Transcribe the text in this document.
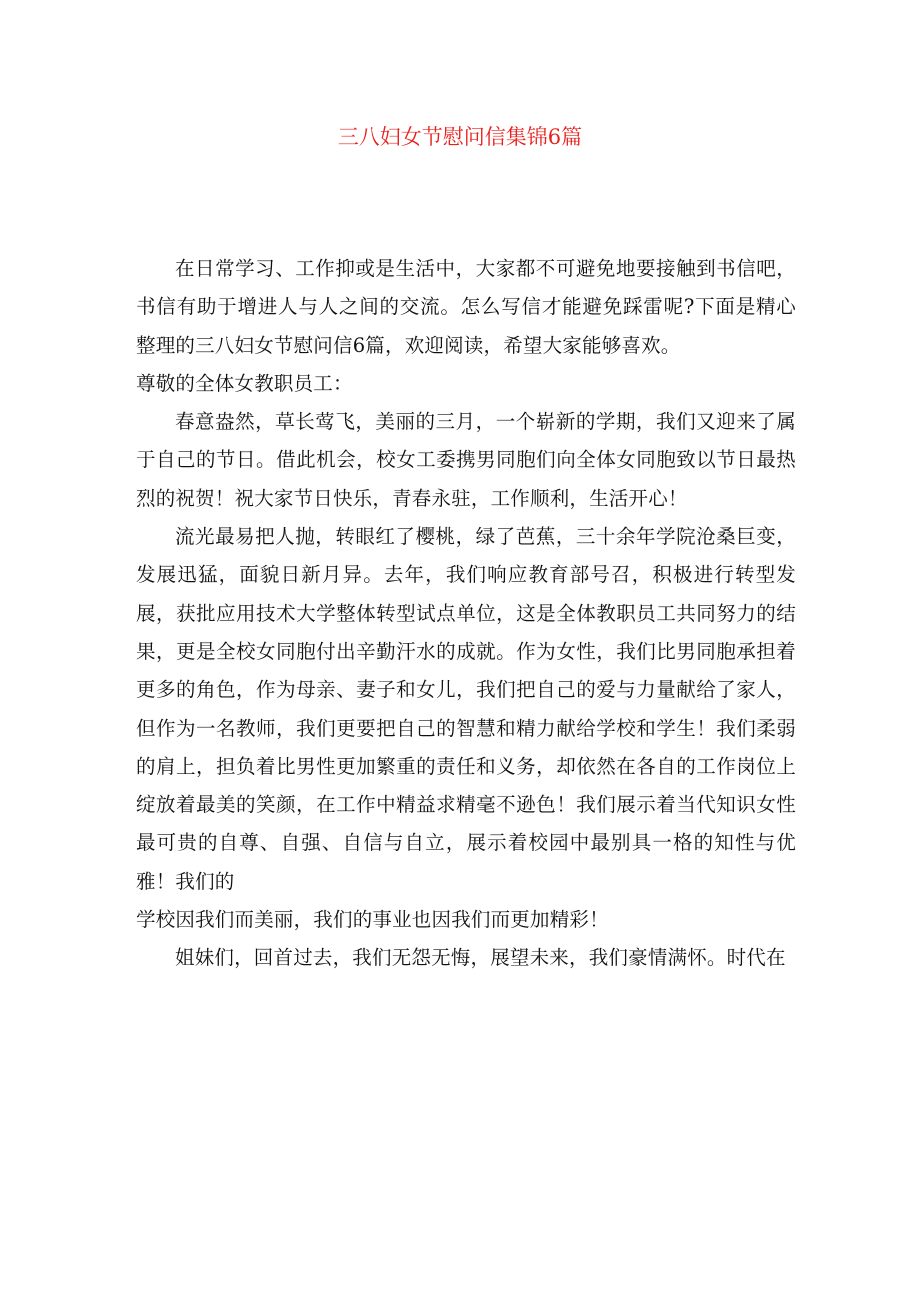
三八妇女节慰问信集锦6篇

在日常学习、工作抑或是生活中，大家都不可避免地要接触到书信吧，书信有助于增进人与人之间的交流。怎么写信才能避免踩雷呢?下面是精心整理的三八妇女节慰问信6篇，欢迎阅读，希望大家能够喜欢。

尊敬的全体女教职员工：

春意盎然，草长莺飞，美丽的三月，一个崭新的学期，我们又迎来了属于自己的节日。借此机会，校女工委携男同胞们向全体女同胞致以节日最热烈的祝贺！祝大家节日快乐，青春永驻，工作顺利，生活开心！

流光最易把人抛，转眼红了樱桃，绿了芭蕉，三十余年学院沧桑巨变，发展迅猛，面貌日新月异。去年，我们响应教育部号召，积极进行转型发展，获批应用技术大学整体转型试点单位，这是全体教职员工共同努力的结果，更是全校女同胞付出辛勤汗水的成就。作为女性，我们比男同胞承担着更多的角色，作为母亲、妻子和女儿，我们把自己的爱与力量献给了家人，但作为一名教师，我们更要把自己的智慧和精力献给学校和学生！我们柔弱的肩上，担负着比男性更加繁重的责任和义务，却依然在各自的工作岗位上绽放着最美的笑颜，在工作中精益求精毫不逊色！我们展示着当代知识女性最可贵的自尊、自强、自信与自立，展示着校园中最别具一格的知性与优雅！我们的

学校因我们而美丽，我们的事业也因我们而更加精彩！

姐妹们，回首过去，我们无怨无悔，展望未来，我们豪情满怀。时代在
